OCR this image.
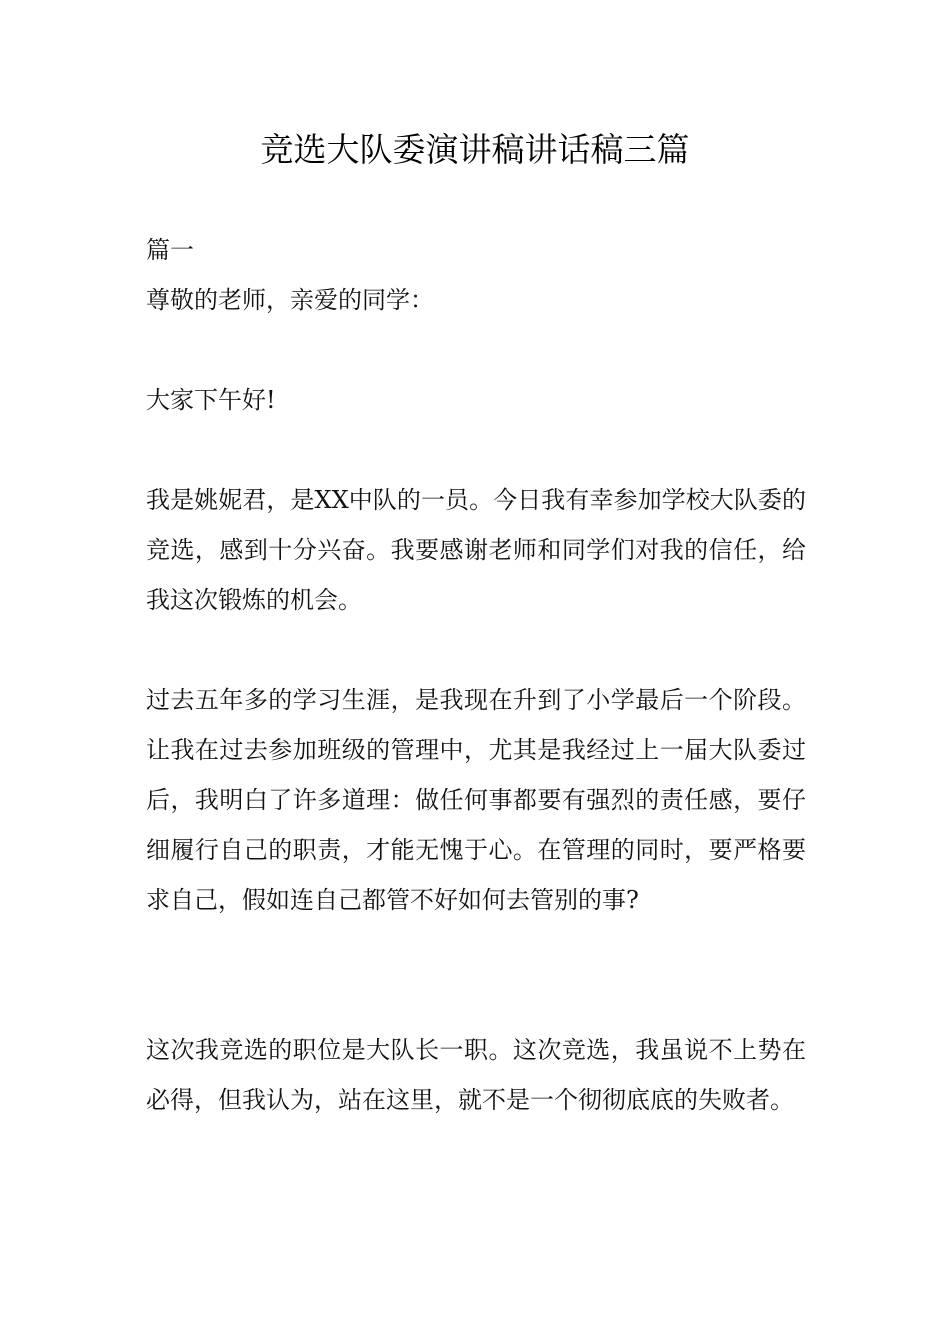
竞选大队委演讲稿讲话稿三篇

篇一

尊敬的老师，亲爱的同学：

大家下午好!

我是姚妮君，是XX中队的一员。今日我有幸参加学校大队委的竞选，感到十分兴奋。我要感谢老师和同学们对我的信任，给我这次锻炼的机会。

过去五年多的学习生涯，是我现在升到了小学最后一个阶段。让我在过去参加班级的管理中，尤其是我经过上一届大队委过后，我明白了许多道理：做任何事都要有强烈的责任感，要仔细履行自己的职责，才能无愧于心。在管理的同时，要严格要求自己，假如连自己都管不好如何去管别的事?

这次我竞选的职位是大队长一职。这次竞选，我虽说不上势在必得，但我认为，站在这里，就不是一个彻彻底底的失败者。
